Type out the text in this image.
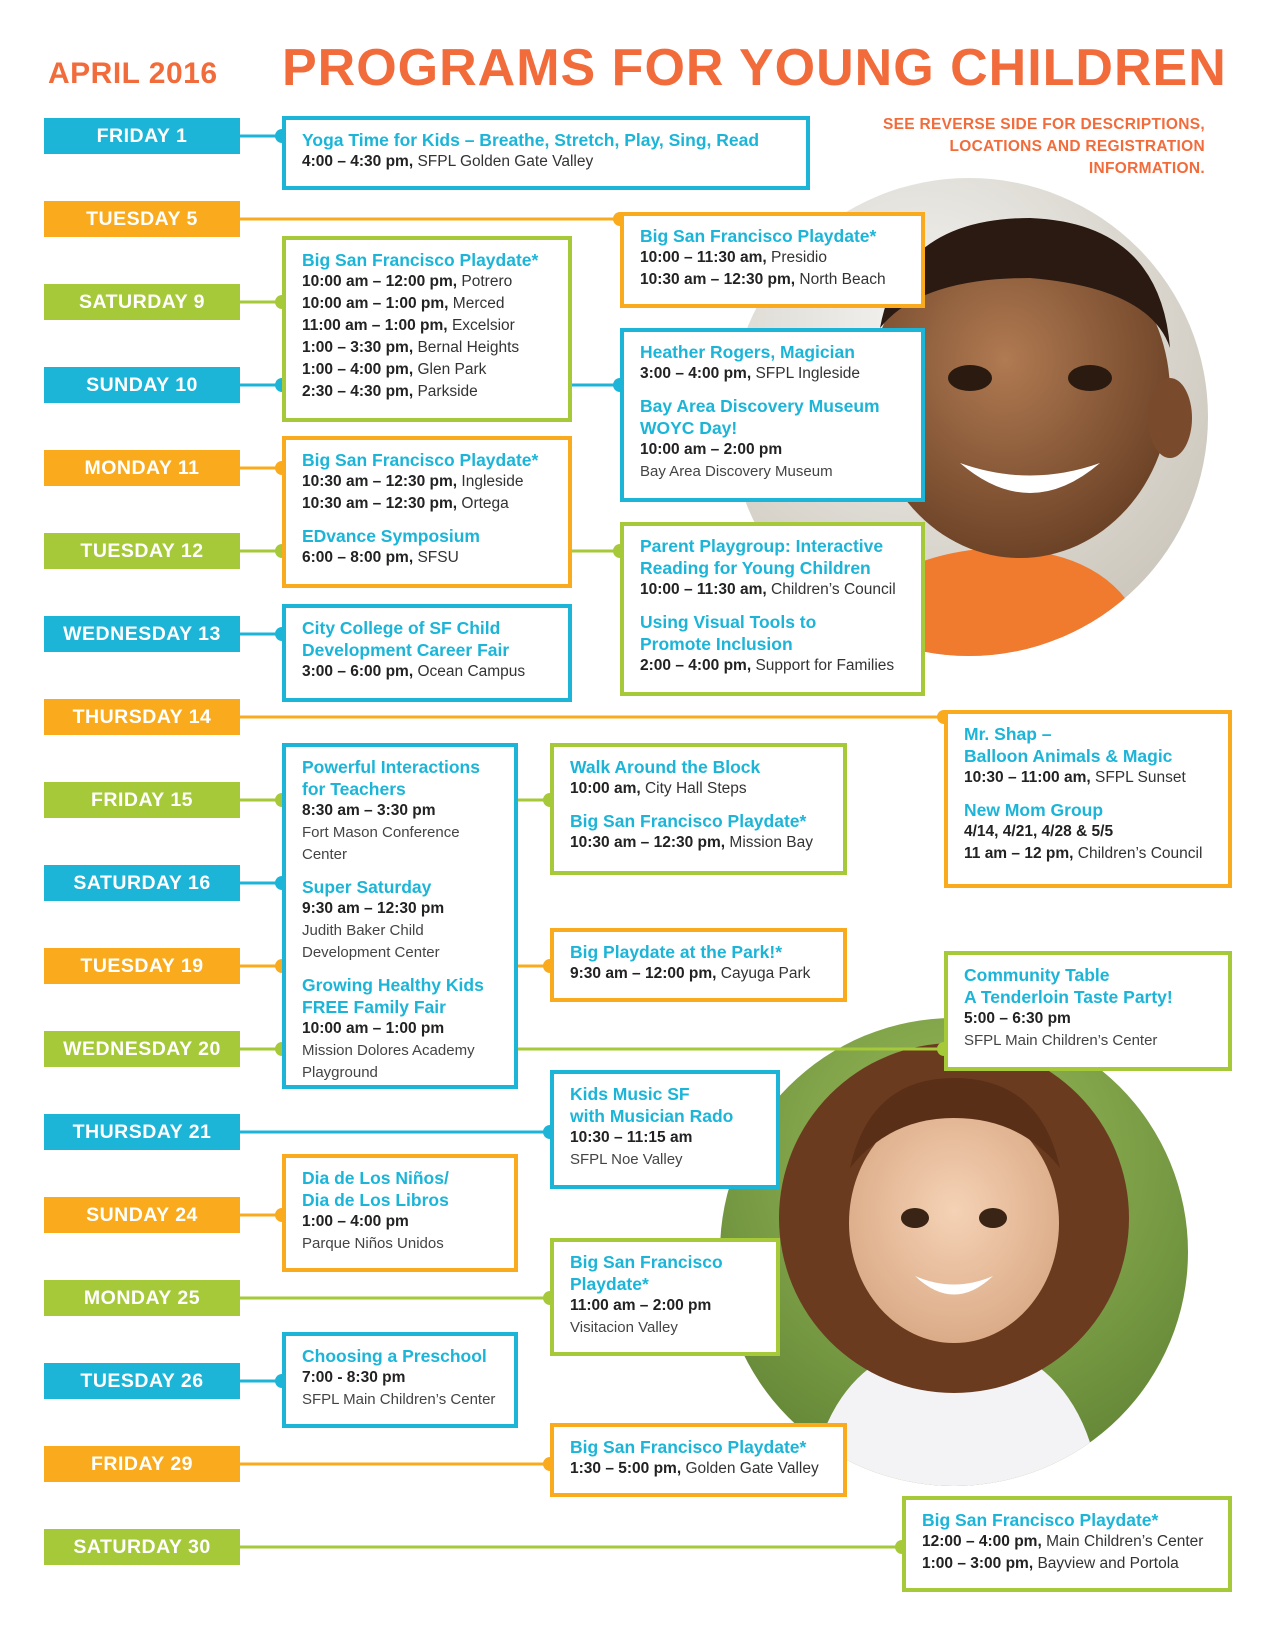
APRIL 2016 PROGRAMS FOR YOUNG CHILDREN
SEE REVERSE SIDE FOR DESCRIPTIONS,
LOCATIONS AND REGISTRATION
INFORMATION.
FRIDAY 1
TUESDAY 5
SATURDAY 9
SUNDAY 10
MONDAY 11
TUESDAY 12
WEDNESDAY 13
THURSDAY 14
FRIDAY 15
SATURDAY 16
TUESDAY 19
WEDNESDAY 20
THURSDAY 21
SUNDAY 24
MONDAY 25
TUESDAY 26
FRIDAY 29
SATURDAY 30
Yoga Time for Kids – Breathe, Stretch, Play, Sing, Read
4:00 – 4:30 pm, SFPL Golden Gate Valley
Big San Francisco Playdate*
10:00 – 11:30 am, Presidio
10:30 am – 12:30 pm, North Beach
Big San Francisco Playdate*
10:00 am – 12:00 pm, Potrero
10:00 am – 1:00 pm, Merced
11:00 am – 1:00 pm, Excelsior
1:00 – 3:30 pm, Bernal Heights
1:00 – 4:00 pm, Glen Park
2:30 – 4:30 pm, Parkside
Heather Rogers, Magician
3:00 – 4:00 pm, SFPL Ingleside
Bay Area Discovery Museum
WOYC Day!
10:00 am – 2:00 pm
Bay Area Discovery Museum
Big San Francisco Playdate*
10:30 am – 12:30 pm, Ingleside
10:30 am – 12:30 pm, Ortega
EDvance Symposium
6:00 – 8:00 pm, SFSU
Parent Playgroup: Interactive
Reading for Young Children
10:00 – 11:30 am, Children’s Council
Using Visual Tools to
Promote Inclusion
2:00 – 4:00 pm, Support for Families
City College of SF Child
Development Career Fair
3:00 – 6:00 pm, Ocean Campus
Mr. Shap –
Balloon Animals & Magic
10:30 – 11:00 am, SFPL Sunset
New Mom Group
4/14, 4/21, 4/28 & 5/5
11 am – 12 pm, Children’s Council
Powerful Interactions
for Teachers
8:30 am – 3:30 pm
Fort Mason Conference Center
Super Saturday
9:30 am – 12:30 pm
Judith Baker Child
Development Center
Growing Healthy Kids
FREE Family Fair
10:00 am – 1:00 pm
Mission Dolores Academy
Playground
Walk Around the Block
10:00 am, City Hall Steps
Big San Francisco Playdate*
10:30 am – 12:30 pm, Mission Bay
Big Playdate at the Park!*
9:30 am – 12:00 pm, Cayuga Park	Community Table
A Tenderloin Taste Party!
5:00 – 6:30 pm
SFPL Main Children’s Center
Kids Music SF
with Musician Rado
10:30 – 11:15 am
SFPL Noe Valley
Dia de Los Niños/
Dia de Los Libros
1:00 – 4:00 pm
Parque Niños Unidos
Big San Francisco
Playdate*
11:00 am – 2:00 pm
Visitacion Valley
Choosing a Preschool
7:00 - 8:30 pm
SFPL Main Children’s Center
Big San Francisco Playdate*
1:30 – 5:00 pm, Golden Gate Valley
Big San Francisco Playdate*
12:00 – 4:00 pm, Main Children’s Center
1:00 – 3:00 pm, Bayview and Portola
